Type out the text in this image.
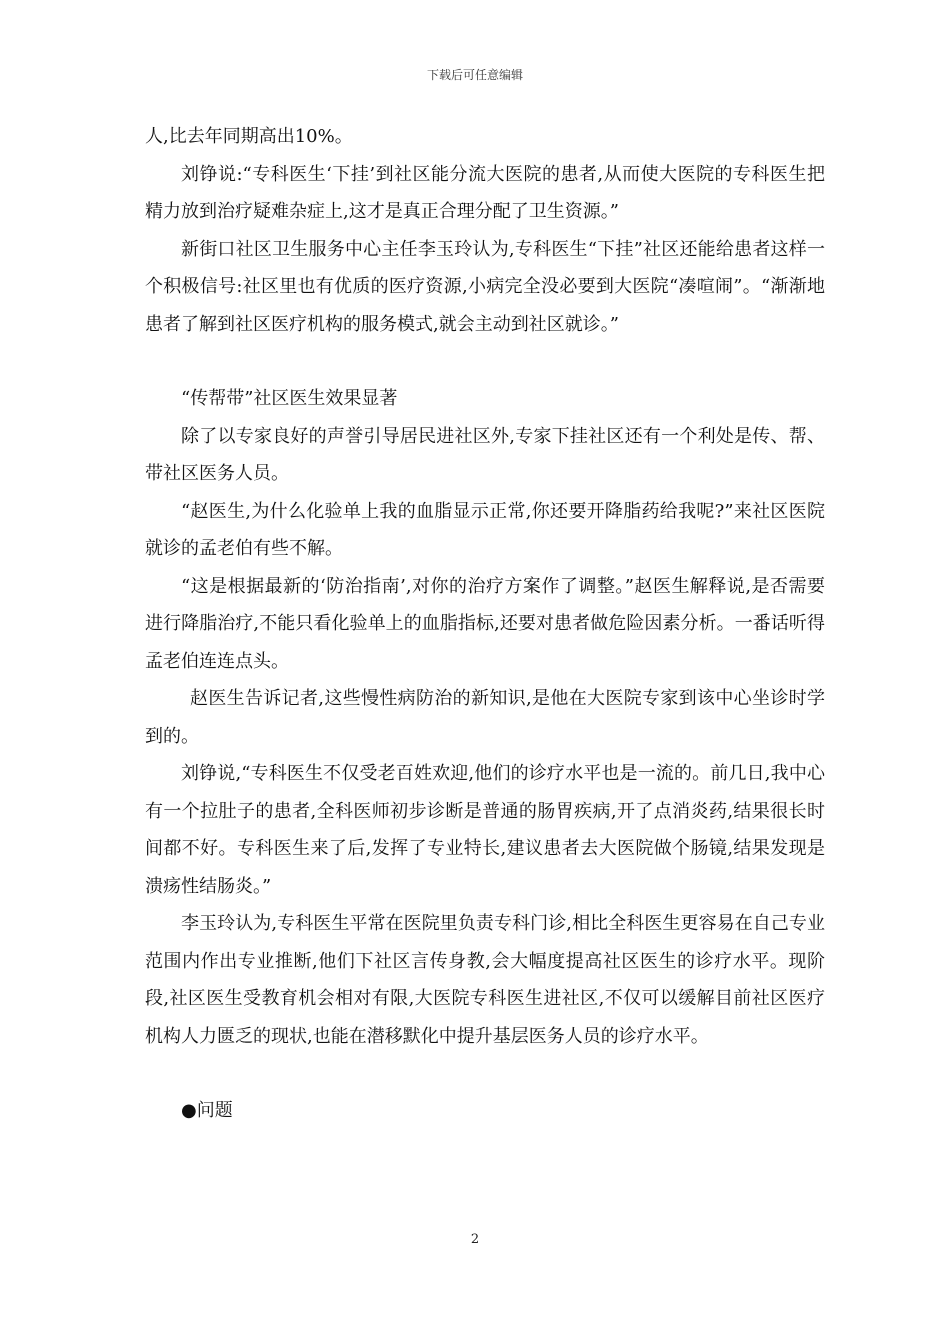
下载后可任意编辑

人,比去年同期高出10%。

刘铮说:“专科医生‘下挂’到社区能分流大医院的患者,从而使大医院的专科医生把精力放到治疗疑难杂症上,这才是真正合理分配了卫生资源。”

新街口社区卫生服务中心主任李玉玲认为,专科医生“下挂”社区还能给患者这样一个积极信号:社区里也有优质的医疗资源,小病完全没必要到大医院“凑喧闹”。“渐渐地患者了解到社区医疗机构的服务模式,就会主动到社区就诊。”

“传帮带”社区医生效果显著

除了以专家良好的声誉引导居民进社区外,专家下挂社区还有一个利处是传、帮、带社区医务人员。

“赵医生,为什么化验单上我的血脂显示正常,你还要开降脂药给我呢?”来社区医院就诊的孟老伯有些不解。

“这是根据最新的‘防治指南’,对你的治疗方案作了调整。”赵医生解释说,是否需要进行降脂治疗,不能只看化验单上的血脂指标,还要对患者做危险因素分析。一番话听得孟老伯连连点头。

赵医生告诉记者,这些慢性病防治的新知识,是他在大医院专家到该中心坐诊时学到的。

刘铮说,“专科医生不仅受老百姓欢迎,他们的诊疗水平也是一流的。前几日,我中心有一个拉肚子的患者,全科医师初步诊断是普通的肠胃疾病,开了点消炎药,结果很长时间都不好。专科医生来了后,发挥了专业特长,建议患者去大医院做个肠镜,结果发现是溃疡性结肠炎。”

李玉玲认为,专科医生平常在医院里负责专科门诊,相比全科医生更容易在自己专业范围内作出专业推断,他们下社区言传身教,会大幅度提高社区医生的诊疗水平。现阶段,社区医生受教育机会相对有限,大医院专科医生进社区,不仅可以缓解目前社区医疗机构人力匮乏的现状,也能在潜移默化中提升基层医务人员的诊疗水平。

●问题

2
